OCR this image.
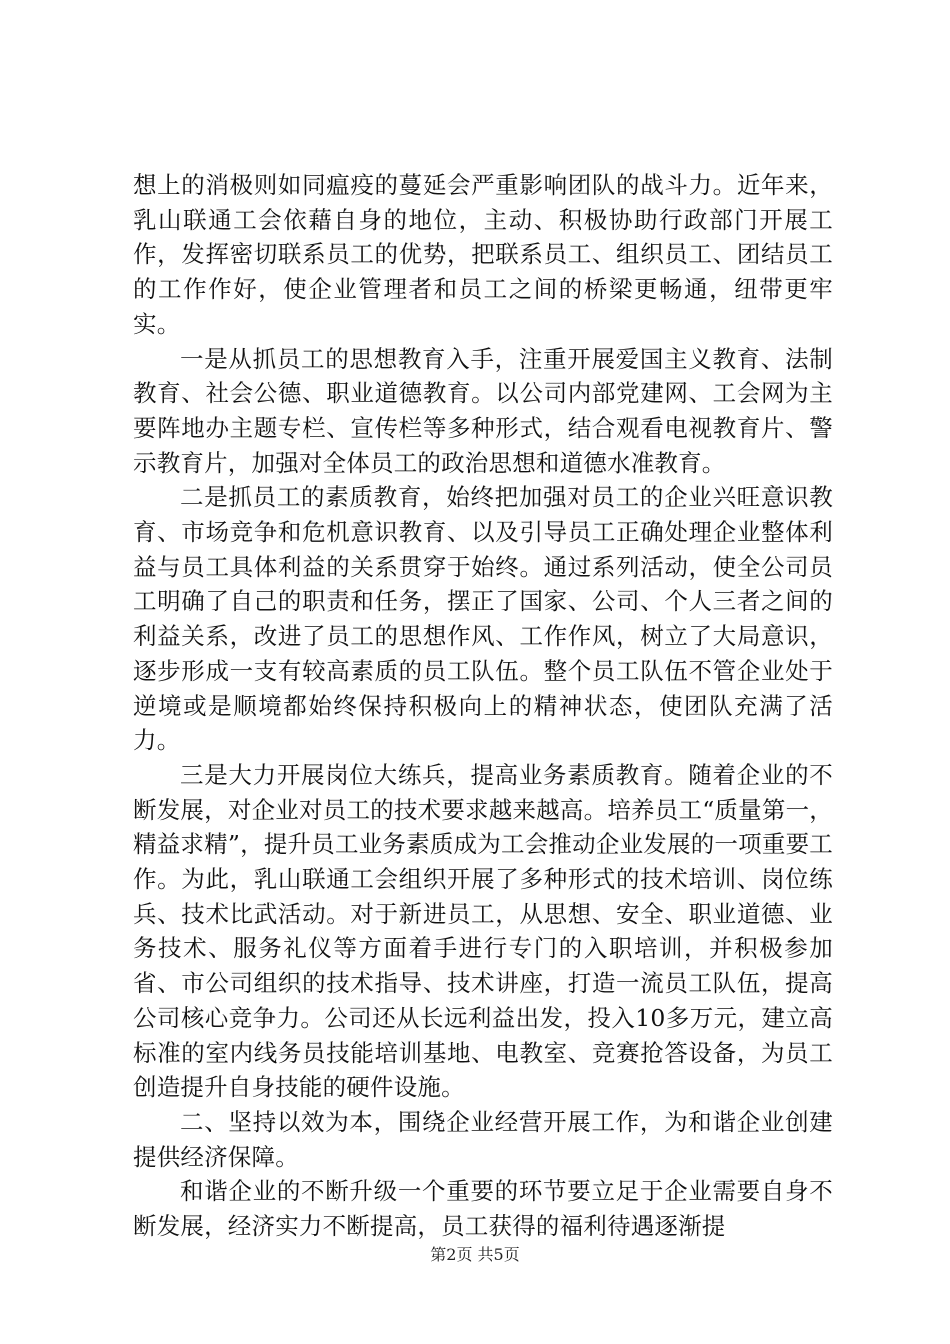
想上的消极则如同瘟疫的蔓延会严重影响团队的战斗力。近年来，乳山联通工会依藉自身的地位，主动、积极协助行政部门开展工作，发挥密切联系员工的优势，把联系员工、组织员工、团结员工的工作作好，使企业管理者和员工之间的桥梁更畅通，纽带更牢实。

一是从抓员工的思想教育入手，注重开展爱国主义教育、法制教育、社会公德、职业道德教育。以公司内部党建网、工会网为主要阵地办主题专栏、宣传栏等多种形式，结合观看电视教育片、警示教育片，加强对全体员工的政治思想和道德水准教育。

二是抓员工的素质教育，始终把加强对员工的企业兴旺意识教育、市场竞争和危机意识教育、以及引导员工正确处理企业整体利益与员工具体利益的关系贯穿于始终。通过系列活动，使全公司员工明确了自己的职责和任务，摆正了国家、公司、个人三者之间的利益关系，改进了员工的思想作风、工作作风，树立了大局意识，逐步形成一支有较高素质的员工队伍。整个员工队伍不管企业处于逆境或是顺境都始终保持积极向上的精神状态，使团队充满了活力。

三是大力开展岗位大练兵，提高业务素质教育。随着企业的不断发展，对企业对员工的技术要求越来越高。培养员工“质量第一，精益求精”，提升员工业务素质成为工会推动企业发展的一项重要工作。为此，乳山联通工会组织开展了多种形式的技术培训、岗位练兵、技术比武活动。对于新进员工，从思想、安全、职业道德、业务技术、服务礼仪等方面着手进行专门的入职培训，并积极参加省、市公司组织的技术指导、技术讲座，打造一流员工队伍，提高公司核心竞争力。公司还从长远利益出发，投入10多万元，建立高标准的室内线务员技能培训基地、电教室、竞赛抢答设备，为员工创造提升自身技能的硬件设施。

二、坚持以效为本，围绕企业经营开展工作，为和谐企业创建提供经济保障。

和谐企业的不断升级一个重要的环节要立足于企业需要自身不断发展，经济实力不断提高，员工获得的福利待遇逐渐提

第2页 共5页
